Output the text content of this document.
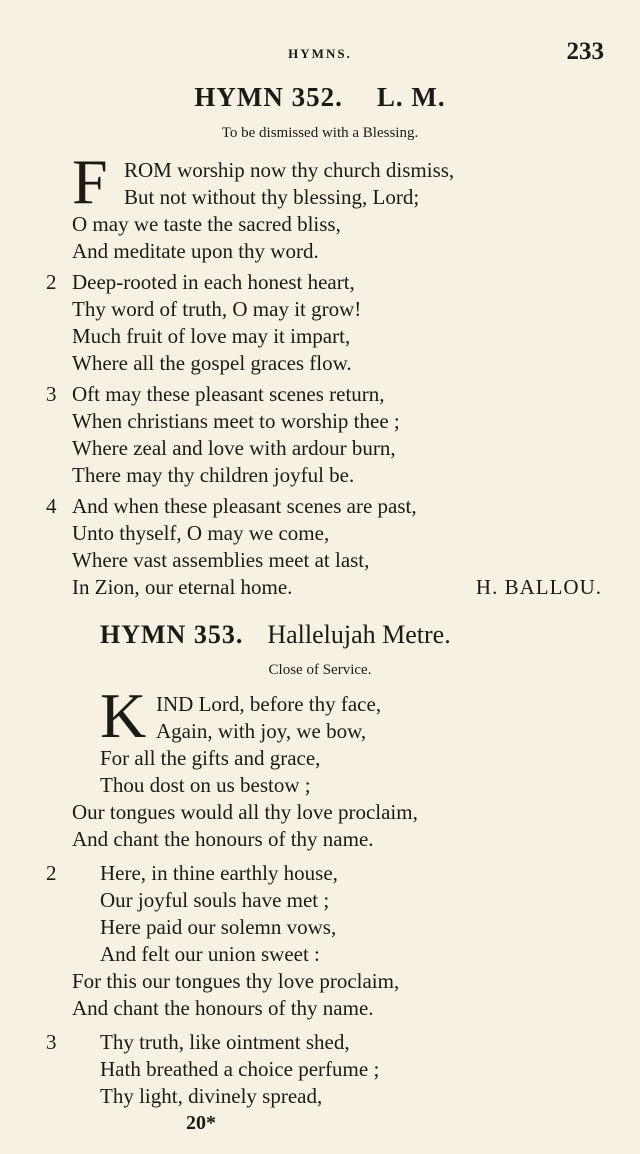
HYMNS.	233
HYMN 352. L. M.
To be dismissed with a Blessing.
F ROM worship now thy church dismiss,
But not without thy blessing, Lord;
O may we taste the sacred bliss,
And meditate upon thy word.
2 Deep-rooted in each honest heart,
Thy word of truth, O may it grow!
Much fruit of love may it impart,
Where all the gospel graces flow.
3 Oft may these pleasant scenes return,
When christians meet to worship thee ;
Where zeal and love with ardour burn,
There may thy children joyful be.
4 And when these pleasant scenes are past,
Unto thyself, O may we come,
Where vast assemblies meet at last,
In Zion, our eternal home.	H. BALLOU.
HYMN 353. Hallelujah Metre.
Close of Service.
K IND Lord, before thy face,
Again, with joy, we bow,
For all the gifts and grace,
Thou dost on us bestow ;
Our tongues would all thy love proclaim,
And chant the honours of thy name.
2 Here, in thine earthly house,
Our joyful souls have met ;
Here paid our solemn vows,
And felt our union sweet :
For this our tongues thy love proclaim,
And chant the honours of thy name.
3 Thy truth, like ointment shed,
Hath breathed a choice perfume ;
Thy light, divinely spread,
20*
